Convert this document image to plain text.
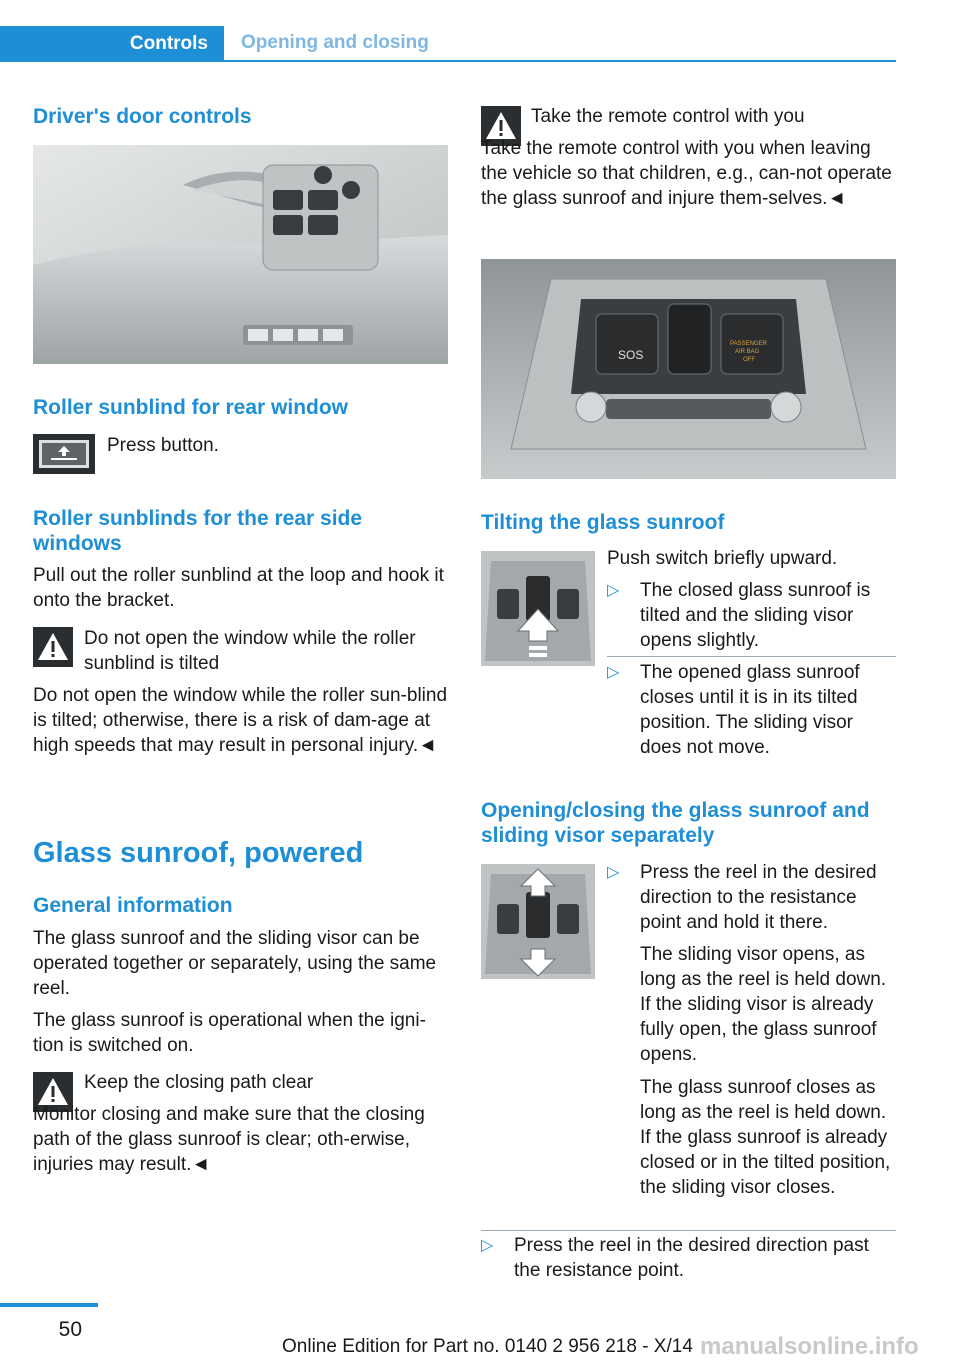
Controls	Opening and closing
Driver's door controls
Roller sunblind for rear window

Press button.

Roller sunblinds for the rear side windows

Pull out the roller sunblind at the loop and hook it onto the bracket.

Do not open the window while the roller sunblind is tilted

Do not open the window while the roller sun-blind is tilted; otherwise, there is a risk of dam-age at high speeds that may result in personal injury.◄

Glass sunroof, powered
General information

The glass sunroof and the sliding visor can be operated together or separately, using the same reel.

The glass sunroof is operational when the igni-tion is switched on.

Keep the closing path clear

Monitor closing and make sure that the closing path of the glass sunroof is clear; oth-erwise, injuries may result.◄

Take the remote control with you

Take the remote control with you when leaving the vehicle so that children, e.g., can-not operate the glass sunroof and injure them-selves.◄

SOS
PASSENGER
AIR BAG
OFF
Tilting the glass sunroof

Push switch briefly upward.

▷ The closed glass sunroof is tilted and the sliding visor opens slightly.
▷ The opened glass sunroof closes until it is in its tilted position. The sliding visor does not move.
Opening/closing the glass sunroof and sliding visor separately
▷ Press the reel in the desired direction to the resistance point and hold it there.

The sliding visor opens, as long as the reel is held down. If the sliding visor is already fully open, the glass sunroof opens.

The glass sunroof closes as long as the reel is held down. If the glass sunroof is already closed or in the tilted position, the sliding visor closes.

▷ Press the reel in the desired direction past the resistance point.
50
Online Edition for Part no. 0140 2 956 218 - X/14 manualsonline.info
